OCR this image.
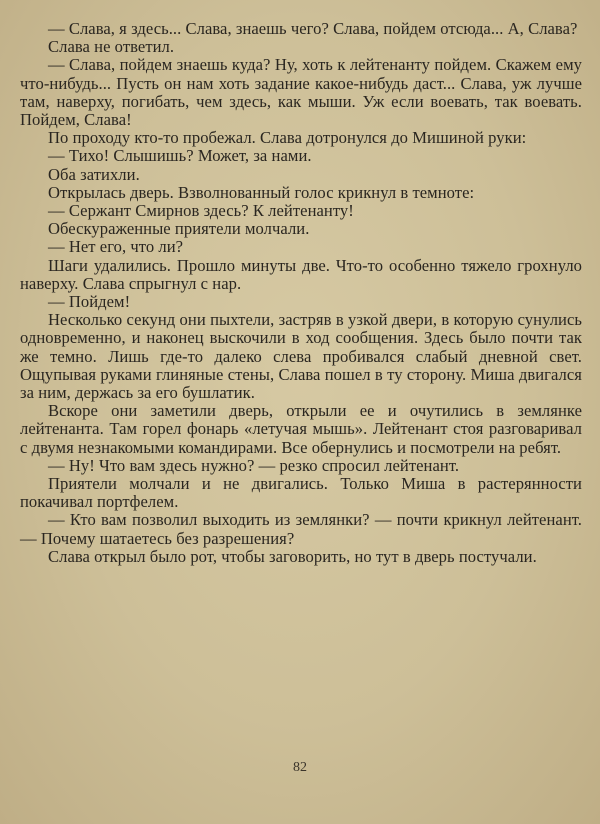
— Слава, я здесь... Слава, знаешь чего? Слава, пойдем отсюда... А, Слава?

Слава не ответил.

— Слава, пойдем знаешь куда? Ну, хоть к лейтенанту пойдем. Скажем ему что-нибудь... Пусть он нам хоть задание какое-нибудь даст... Слава, уж лучше там, наверху, погибать, чем здесь, как мыши. Уж если воевать, так воевать. Пойдем, Слава!

По проходу кто-то пробежал. Слава дотронулся до Мишиной руки:

— Тихо! Слышишь? Может, за нами.

Оба затихли.

Открылась дверь. Взволнованный голос крикнул в темноте:

— Сержант Смирнов здесь? К лейтенанту!

Обескураженные приятели молчали.

— Нет его, что ли?

Шаги удалились. Прошло минуты две. Что-то особенно тяжело грохнуло наверху. Слава спрыгнул с нар.

— Пойдем!

Несколько секунд они пыхтели, застряв в узкой двери, в которую сунулись одновременно, и наконец выскочили в ход сообщения. Здесь было почти так же темно. Лишь где-то далеко слева пробивался слабый дневной свет. Ощупывая руками глиняные стены, Слава пошел в ту сторону. Миша двигался за ним, держась за его бушлатик.

Вскоре они заметили дверь, открыли ее и очутились в землянке лейтенанта. Там горел фонарь «летучая мышь». Лейтенант стоя разговаривал с двумя незнакомыми командирами. Все обернулись и посмотрели на ребят.

— Ну! Что вам здесь нужно? — резко спросил лейтенант.

Приятели молчали и не двигались. Только Миша в растерянности покачивал портфелем.

— Кто вам позволил выходить из землянки? — почти крикнул лейтенант. — Почему шатаетесь без разрешения?

Слава открыл было рот, чтобы заговорить, но тут в дверь постучали.

82
